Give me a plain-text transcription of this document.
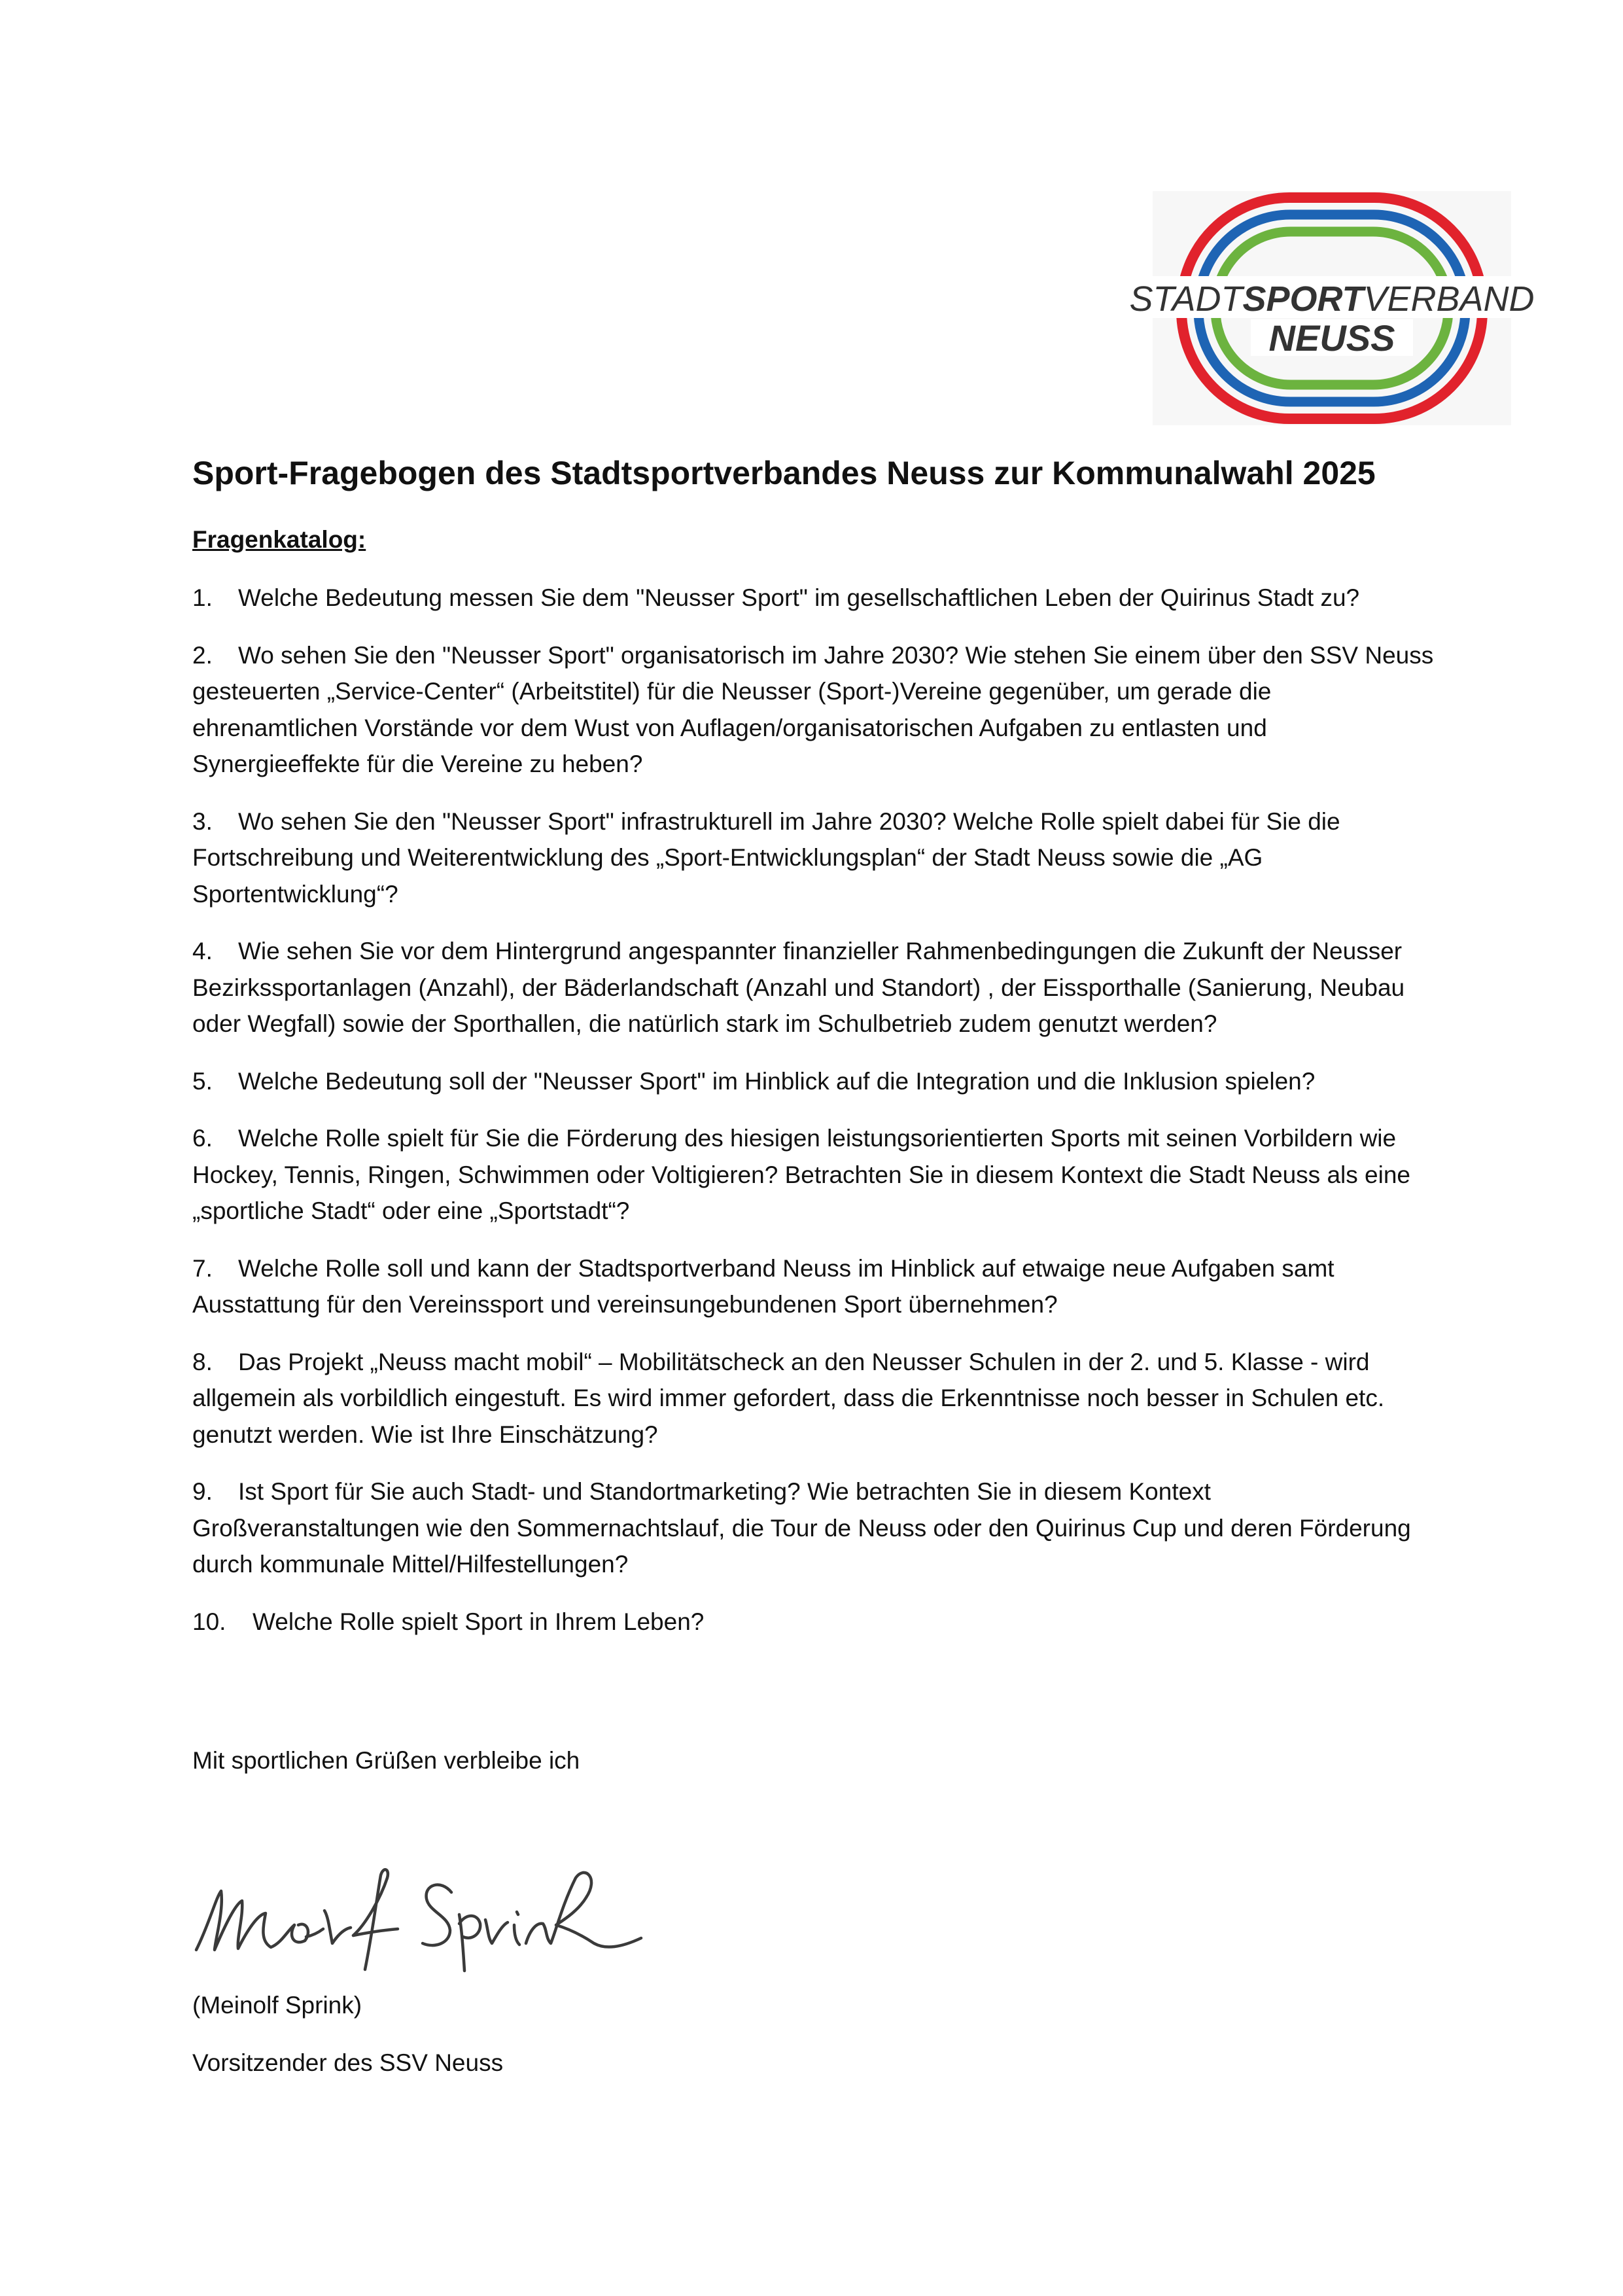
STADTSPORTVERBAND
NEUSS
Sport-Fragebogen des Stadtsportverbandes Neuss zur Kommunalwahl 2025

Fragenkatalog:

1. Welche Bedeutung messen Sie dem "Neusser Sport" im gesellschaftlichen Leben der Quirinus Stadt zu?
2. Wo sehen Sie den "Neusser Sport" organisatorisch im Jahre 2030? Wie stehen Sie einem über den SSV Neuss gesteuerten „Service-Center“ (Arbeitstitel) für die Neusser (Sport-)Vereine gegenüber, um gerade die ehrenamtlichen Vorstände vor dem Wust von Auflagen/organisatorischen Aufgaben zu entlasten und Synergieeffekte für die Vereine zu heben?
3. Wo sehen Sie den "Neusser Sport" infrastrukturell im Jahre 2030? Welche Rolle spielt dabei für Sie die Fortschreibung und Weiterentwicklung des „Sport-Entwicklungsplan“ der Stadt Neuss sowie die „AG Sportentwicklung“?
4. Wie sehen Sie vor dem Hintergrund angespannter finanzieller Rahmenbedingungen die Zukunft der Neusser Bezirkssportanlagen (Anzahl), der Bäderlandschaft (Anzahl und Standort) , der Eissporthalle (Sanierung, Neubau oder Wegfall) sowie der Sporthallen, die natürlich stark im Schulbetrieb zudem genutzt werden?
5. Welche Bedeutung soll der "Neusser Sport" im Hinblick auf die Integration und die Inklusion spielen?
6. Welche Rolle spielt für Sie die Förderung des hiesigen leistungsorientierten Sports mit seinen Vorbildern wie Hockey, Tennis, Ringen, Schwimmen oder Voltigieren? Betrachten Sie in diesem Kontext die Stadt Neuss als eine „sportliche Stadt“ oder eine „Sportstadt“?
7. Welche Rolle soll und kann der Stadtsportverband Neuss im Hinblick auf etwaige neue Aufgaben samt Ausstattung für den Vereinssport und vereinsungebundenen Sport übernehmen?
8. Das Projekt „Neuss macht mobil“ – Mobilitätscheck an den Neusser Schulen in der 2. und 5. Klasse - wird allgemein als vorbildlich eingestuft. Es wird immer gefordert, dass die Erkenntnisse noch besser in Schulen etc. genutzt werden. Wie ist Ihre Einschätzung?
9. Ist Sport für Sie auch Stadt- und Standortmarketing? Wie betrachten Sie in diesem Kontext Großveranstaltungen wie den Sommernachtslauf, die Tour de Neuss oder den Quirinus Cup und deren Förderung durch kommunale Mittel/Hilfestellungen?
10. Welche Rolle spielt Sport in Ihrem Leben?

Mit sportlichen Grüßen verbleibe ich

(Meinolf Sprink)

Vorsitzender des SSV Neuss
